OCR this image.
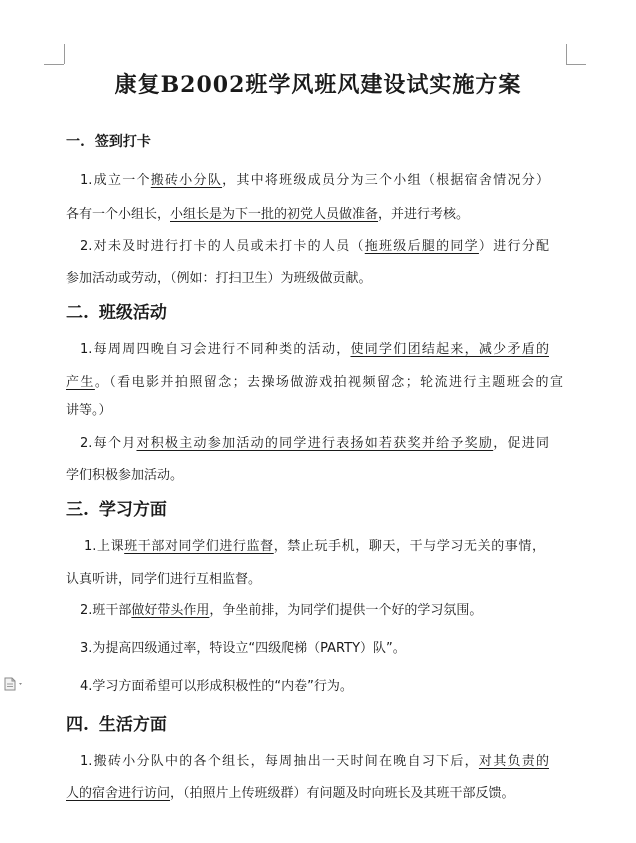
康复B2002班学风班风建设试实施方案
一. 签到打卡
1.成立一个搬砖小分队，其中将班级成员分为三个小组（根据宿舍情况分）
各有一个小组长，小组长是为下一批的初党人员做准备，并进行考核。
2.对未及时进行打卡的人员或未打卡的人员（拖班级后腿的同学）进行分配
参加活动或劳动，（例如：打扫卫生）为班级做贡献。
二. 班级活动
1.每周周四晚自习会进行不同种类的活动，使同学们团结起来，减少矛盾的
产生。（看电影并拍照留念；去操场做游戏拍视频留念；轮流进行主题班会的宣
讲等。）
2.每个月对积极主动参加活动的同学进行表扬如若获奖并给予奖励，促进同
学们积极参加活动。
三. 学习方面
1.上课班干部对同学们进行监督，禁止玩手机，聊天，干与学习无关的事情，
认真听讲，同学们进行互相监督。
2.班干部做好带头作用，争坐前排，为同学们提供一个好的学习氛围。
3.为提高四级通过率，特设立“四级爬梯（PARTY）队”。
4.学习方面希望可以形成积极性的“内卷”行为。
四. 生活方面
1.搬砖小分队中的各个组长，每周抽出一天时间在晚自习下后，对其负责的
人的宿舍进行访问，（拍照片上传班级群）有问题及时向班长及其班干部反馈。
